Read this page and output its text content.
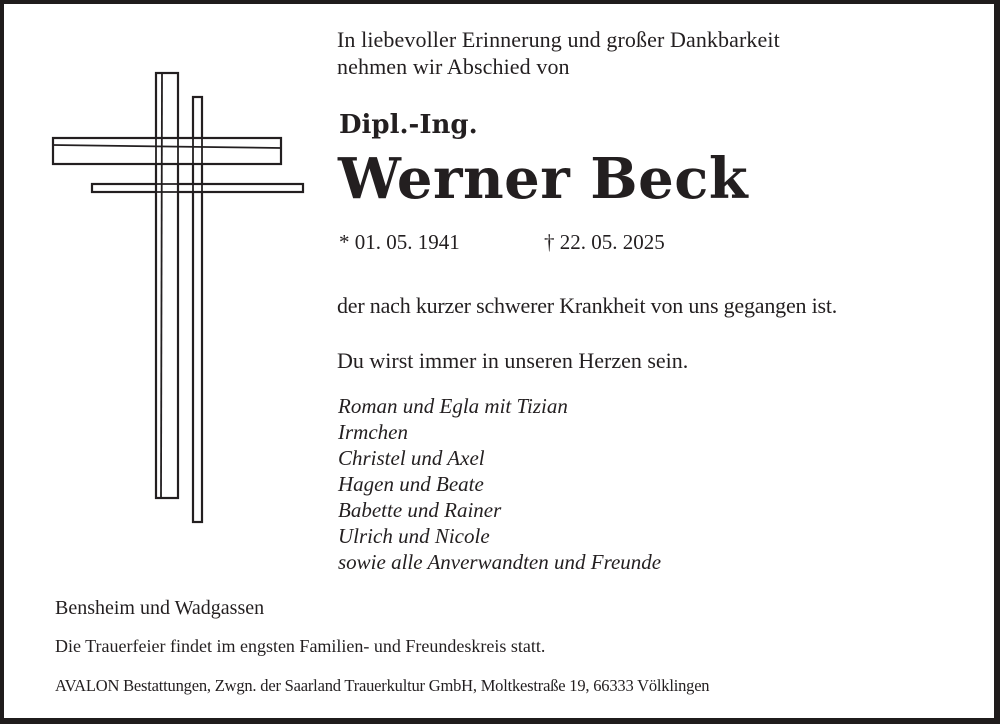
In liebevoller Erinnerung und großer Dankbarkeit
nehmen wir Abschied von
Dipl.-Ing.
Werner Beck
* 01. 05. 1941	† 22. 05. 2025
der nach kurzer schwerer Krankheit von uns gegangen ist.
Du wirst immer in unseren Herzen sein.
Roman und Egla mit Tizian
Irmchen
Christel und Axel
Hagen und Beate
Babette und Rainer
Ulrich und Nicole
sowie alle Anverwandten und Freunde
Bensheim und Wadgassen
Die Trauerfeier findet im engsten Familien- und Freundeskreis statt.
AVALON Bestattungen, Zwgn. der Saarland Trauerkultur GmbH, Moltkestraße 19, 66333 Völklingen
